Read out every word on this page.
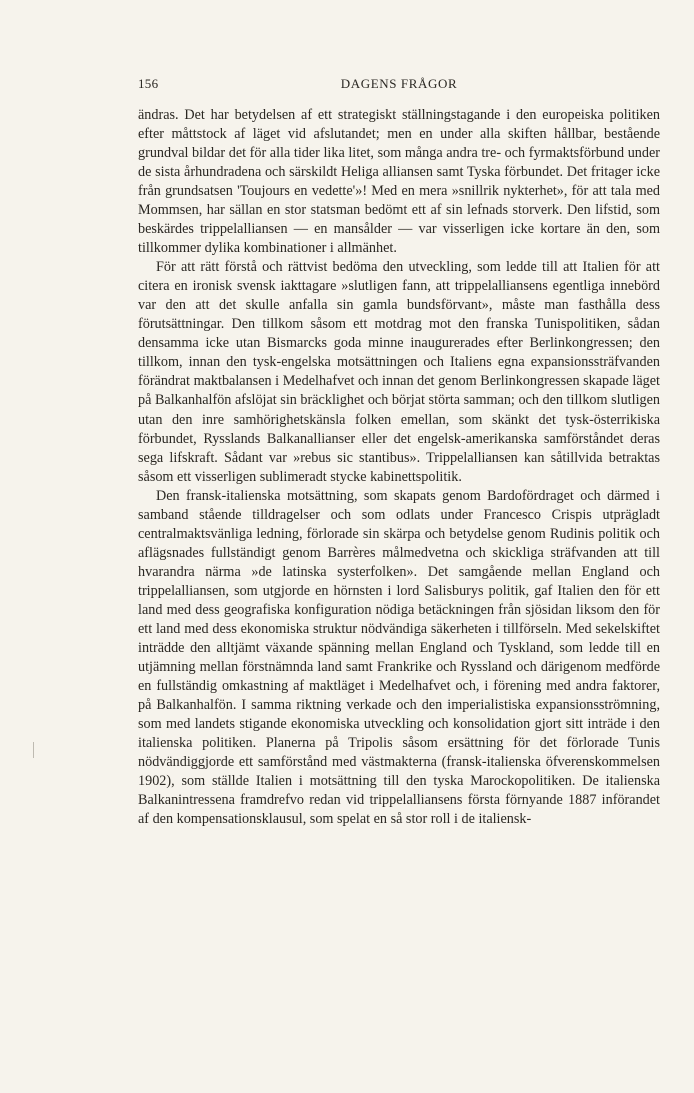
156	DAGENS FRÅGOR

ändras. Det har betydelsen af ett strategiskt ställningstagande i den europeiska politiken efter måttstock af läget vid afslutandet; men en under alla skiften hållbar, bestående grundval bildar det för alla tider lika litet, som många andra tre- och fyrmaktsförbund under de sista århundradena och särskildt Heliga alliansen samt Tyska förbundet. Det fritager icke från grundsatsen 'Toujours en vedette'»! Med en mera »snillrik nykterhet», för att tala med Mommsen, har sällan en stor statsman bedömt ett af sin lefnads storverk. Den lifstid, som beskärdes trippelalliansen — en mansålder — var visserligen icke kortare än den, som tillkommer dylika kombinationer i allmänhet.

För att rätt förstå och rättvist bedöma den utveckling, som ledde till att Italien för att citera en ironisk svensk iakttagare »slutligen fann, att trippelalliansens egentliga innebörd var den att det skulle anfalla sin gamla bundsförvant», måste man fasthålla dess förutsättningar. Den tillkom såsom ett motdrag mot den franska Tunispolitiken, sådan densamma icke utan Bismarcks goda minne inaugurerades efter Berlinkongressen; den tillkom, innan den tysk-engelska motsättningen och Italiens egna expansionssträfvanden förändrat maktbalansen i Medelhafvet och innan det genom Berlinkongressen skapade läget på Balkanhalfön afslöjat sin bräcklighet och börjat störta samman; och den tillkom slutligen utan den inre samhörighetskänsla folken emellan, som skänkt det tysk-österrikiska förbundet, Rysslands Balkanallianser eller det engelsk-amerikanska samförståndet deras sega lifskraft. Sådant var »rebus sic stantibus». Trippelalliansen kan såtillvida betraktas såsom ett visserligen sublimeradt stycke kabinettspolitik.

Den fransk-italienska motsättning, som skapats genom Bardofördraget och därmed i samband stående tilldragelser och som odlats under Francesco Crispis utprägladt centralmaktsvänliga ledning, förlorade sin skärpa och betydelse genom Rudinis politik och aflägsnades fullständigt genom Barrères målmedvetna och skickliga sträfvanden att till hvarandra närma »de latinska systerfolken». Det samgående mellan England och trippelalliansen, som utgjorde en hörnsten i lord Salisburys politik, gaf Italien den för ett land med dess geografiska konfiguration nödiga betäckningen från sjösidan liksom den för ett land med dess ekonomiska struktur nödvändiga säkerheten i tillförseln. Med sekelskiftet inträdde den alltjämt växande spänning mellan England och Tyskland, som ledde till en utjämning mellan förstnämnda land samt Frankrike och Ryssland och därigenom medförde en fullständig omkastning af maktläget i Medelhafvet och, i förening med andra faktorer, på Balkanhalfön. I samma riktning verkade och den imperialistiska expansionsströmning, som med landets stigande ekonomiska utveckling och konsolidation gjort sitt inträde i den italienska politiken. Planerna på Tripolis såsom ersättning för det förlorade Tunis nödvändiggjorde ett samförstånd med västmakterna (fransk-italienska öfverenskommelsen 1902), som ställde Italien i motsättning till den tyska Marockopolitiken. De italienska Balkanintressena framdrefvo redan vid trippelalliansens första förnyande 1887 införandet af den kompensationsklausul, som spelat en så stor roll i de italiensk-
